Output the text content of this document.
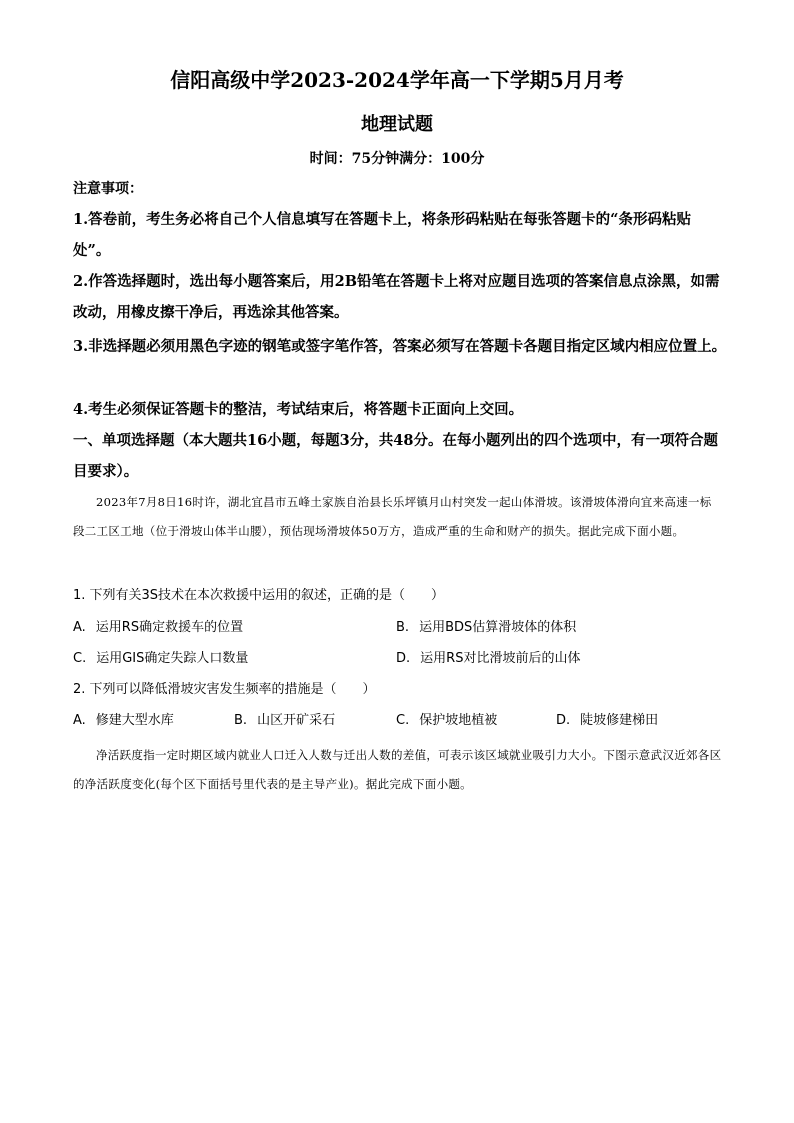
信阳高级中学2023-2024学年高一下学期5月月考
地理试题
时间：75分钟满分：100分
注意事项：

1.答卷前，考生务必将自己个人信息填写在答题卡上，将条形码粘贴在每张答题卡的“条形码粘贴处”。

2.作答选择题时，选出每小题答案后，用2B铅笔在答题卡上将对应题目选项的答案信息点涂黑，如需改动，用橡皮擦干净后，再选涂其他答案。

3.非选择题必须用黑色字迹的钢笔或签字笔作答，答案必须写在答题卡各题目指定区域内相应位置上。

4.考生必须保证答题卡的整洁，考试结束后，将答题卡正面向上交回。

一、单项选择题（本大题共16小题，每题3分，共48分。在每小题列出的四个选项中，有一项符合题目要求）。

2023年7月8日16时许，湖北宜昌市五峰土家族自治县长乐坪镇月山村突发一起山体滑坡。该滑坡体滑向宜来高速一标段二工区工地（位于滑坡山体半山腰），预估现场滑坡体50万方，造成严重的生命和财产的损失。据此完成下面小题。

1. 下列有关3S技术在本次救援中运用的叙述，正确的是（　　）
A. 运用RS确定救援车的位置	B. 运用BDS估算滑坡体的体积
C. 运用GIS确定失踪人口数量	D. 运用RS对比滑坡前后的山体
2. 下列可以降低滑坡灾害发生频率的措施是（　　）
A. 修建大型水库	B. 山区开矿采石	C. 保护坡地植被	D. 陡坡修建梯田

净活跃度指一定时期区域内就业人口迁入人数与迁出人数的差值，可表示该区域就业吸引力大小。下图示意武汉近郊各区的净活跃度变化(每个区下面括号里代表的是主导产业)。据此完成下面小题。
